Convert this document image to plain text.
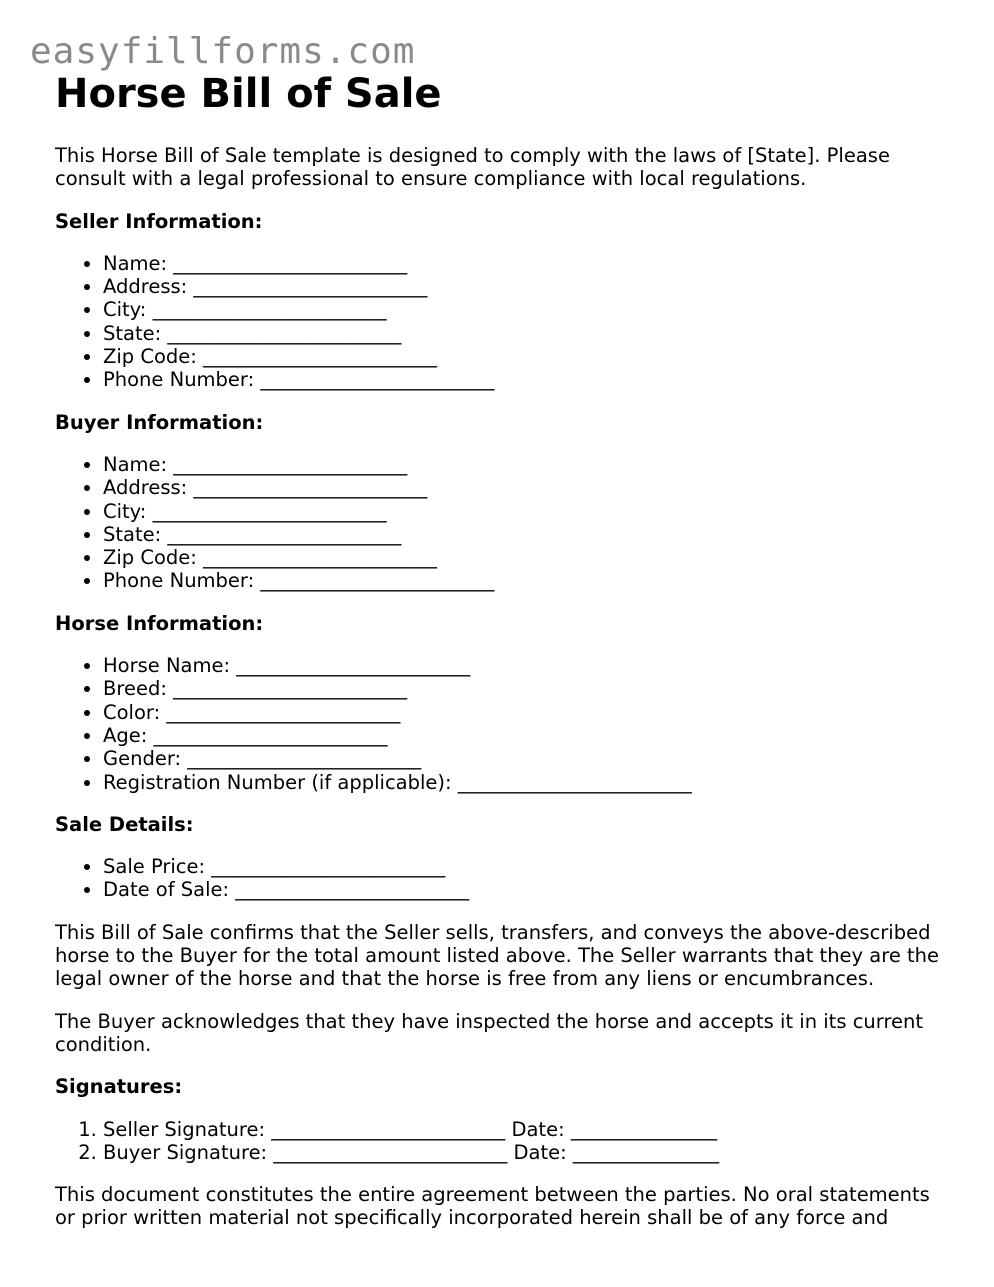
easyfillforms.com
Horse Bill of Sale

This Horse Bill of Sale template is designed to comply with the laws of [State]. Please consult with a legal professional to ensure compliance with local regulations.

Seller Information:
• Name: ________________________
• Address: ________________________
• City: ________________________
• State: ________________________
• Zip Code: ________________________
• Phone Number: ________________________
Buyer Information:
• Name: ________________________
• Address: ________________________
• City: ________________________
• State: ________________________
• Zip Code: ________________________
• Phone Number: ________________________
Horse Information:
• Horse Name: ________________________
• Breed: ________________________
• Color: ________________________
• Age: ________________________
• Gender: ________________________
• Registration Number (if applicable): ________________________
Sale Details:
• Sale Price: ________________________
• Date of Sale: ________________________

This Bill of Sale confirms that the Seller sells, transfers, and conveys the above-described horse to the Buyer for the total amount listed above. The Seller warrants that they are the legal owner of the horse and that the horse is free from any liens or encumbrances.

The Buyer acknowledges that they have inspected the horse and accepts it in its current condition.

Signatures:
1. Seller Signature: ________________________ Date: _______________
2. Buyer Signature: ________________________ Date: _______________

This document constitutes the entire agreement between the parties. No oral statements or prior written material not specifically incorporated herein shall be of any force and
